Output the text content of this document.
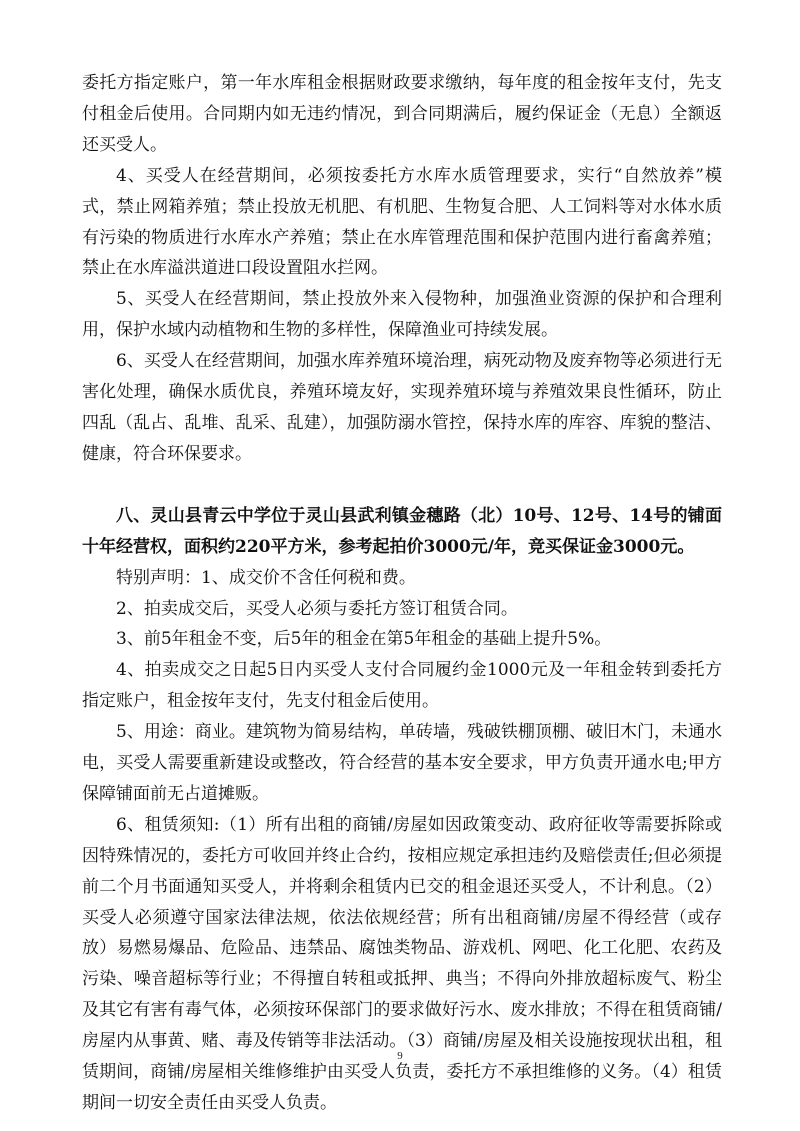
委托方指定账户，第一年水库租金根据财政要求缴纳，每年度的租金按年支付，先支付租金后使用。合同期内如无违约情况，到合同期满后，履约保证金（无息）全额返还买受人。

4、买受人在经营期间，必须按委托方水库水质管理要求，实行“自然放养”模式，禁止网箱养殖；禁止投放无机肥、有机肥、生物复合肥、人工饲料等对水体水质有污染的物质进行水库水产养殖；禁止在水库管理范围和保护范围内进行畜禽养殖；禁止在水库溢洪道进口段设置阻水拦网。

5、买受人在经营期间，禁止投放外来入侵物种，加强渔业资源的保护和合理利用，保护水域内动植物和生物的多样性，保障渔业可持续发展。

6、买受人在经营期间，加强水库养殖环境治理，病死动物及废弃物等必须进行无害化处理，确保水质优良，养殖环境友好，实现养殖环境与养殖效果良性循环，防止四乱（乱占、乱堆、乱采、乱建），加强防溺水管控，保持水库的库容、库貌的整洁、健康，符合环保要求。

八、灵山县青云中学位于灵山县武利镇金穗路（北）10号、12号、14号的铺面十年经营权，面积约220平方米，参考起拍价3000元/年，竞买保证金3000元。

特别声明：1、成交价不含任何税和费。

2、拍卖成交后，买受人必须与委托方签订租赁合同。

3、前5年租金不变，后5年的租金在第5年租金的基础上提升5%。

4、拍卖成交之日起5日内买受人支付合同履约金1000元及一年租金转到委托方指定账户，租金按年支付，先支付租金后使用。

5、用途：商业。建筑物为简易结构，单砖墙，残破铁棚顶棚、破旧木门，未通水电，买受人需要重新建设或整改，符合经营的基本安全要求，甲方负责开通水电;甲方保障铺面前无占道摊贩。

6、租赁须知:（1）所有出租的商铺/房屋如因政策变动、政府征收等需要拆除或因特殊情况的，委托方可收回并终止合约，按相应规定承担违约及赔偿责任;但必须提前二个月书面通知买受人，并将剩余租赁内已交的租金退还买受人，不计利息。（2）买受人必须遵守国家法律法规，依法依规经营；所有出租商铺/房屋不得经营（或存放）易燃易爆品、危险品、违禁品、腐蚀类物品、游戏机、网吧、化工化肥、农药及污染、噪音超标等行业；不得擅自转租或抵押、典当；不得向外排放超标废气、粉尘及其它有害有毒气体，必须按环保部门的要求做好污水、废水排放；不得在租赁商铺/房屋内从事黄、赌、毒及传销等非法活动。（3）商铺/房屋及相关设施按现状出租，租赁期间，商铺/房屋相关维修维护由买受人负责，委托方不承担维修的义务。（4）租赁期间一切安全责任由买受人负责。

9
